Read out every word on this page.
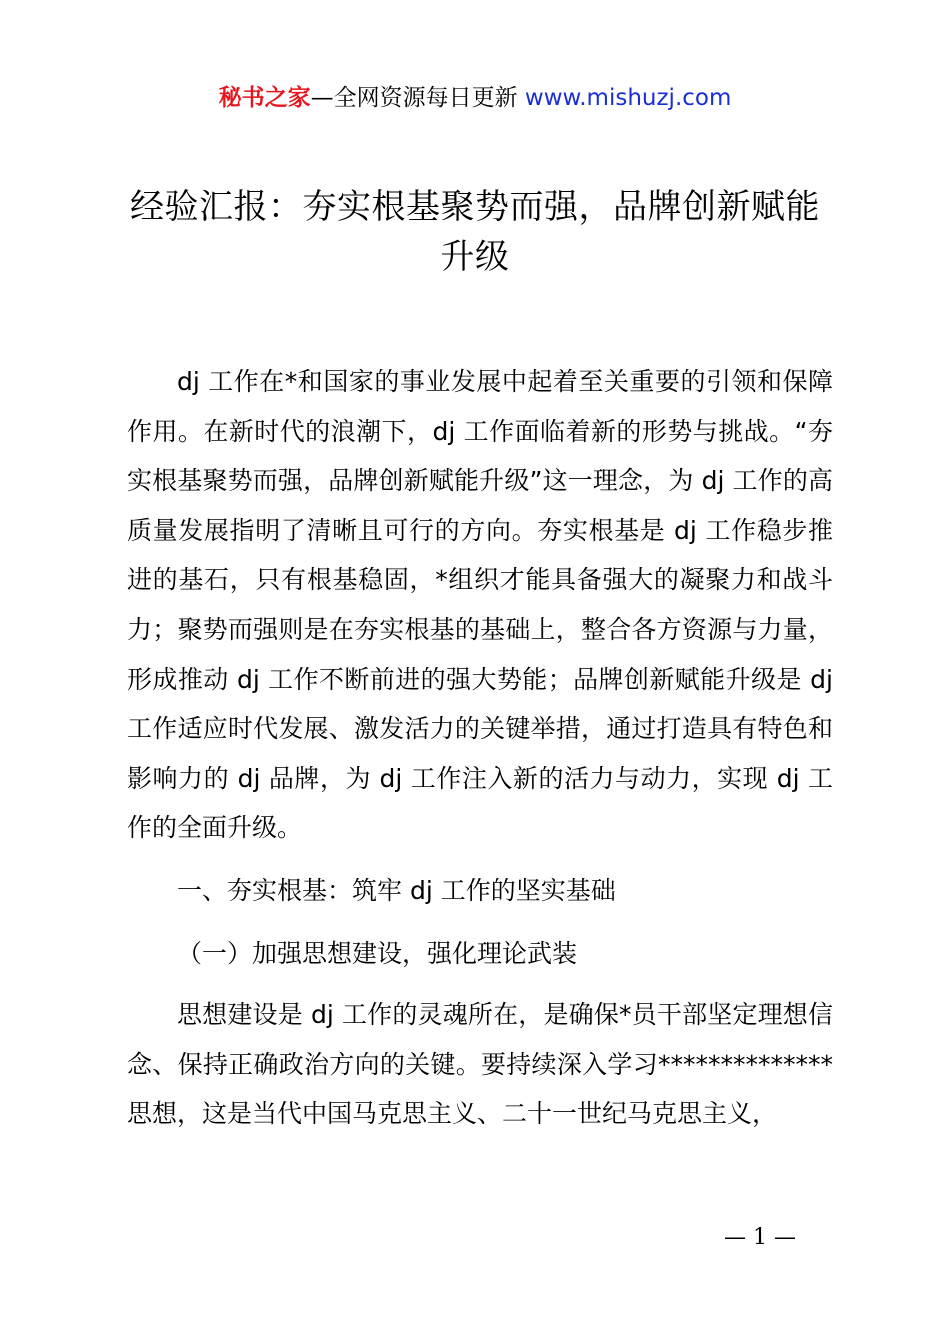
秘书之家—全网资源每日更新 www.mishuzj.com
经验汇报：夯实根基聚势而强，品牌创新赋能升级

dj 工作在*和国家的事业发展中起着至关重要的引领和保障作用。在新时代的浪潮下，dj 工作面临着新的形势与挑战。“夯实根基聚势而强，品牌创新赋能升级”这一理念，为 dj 工作的高质量发展指明了清晰且可行的方向。夯实根基是 dj 工作稳步推进的基石，只有根基稳固，*组织才能具备强大的凝聚力和战斗力；聚势而强则是在夯实根基的基础上，整合各方资源与力量，形成推动 dj 工作不断前进的强大势能；品牌创新赋能升级是 dj 工作适应时代发展、激发活力的关键举措，通过打造具有特色和影响力的 dj 品牌，为 dj 工作注入新的活力与动力，实现 dj 工作的全面升级。

一、夯实根基：筑牢 dj 工作的坚实基础

（一）加强思想建设，强化理论武装

思想建设是 dj 工作的灵魂所在，是确保*员干部坚定理想信念、保持正确政治方向的关键。要持续深入学习**************思想，这是当代中国马克思主义、二十一世纪马克思主义，

— 1 —
